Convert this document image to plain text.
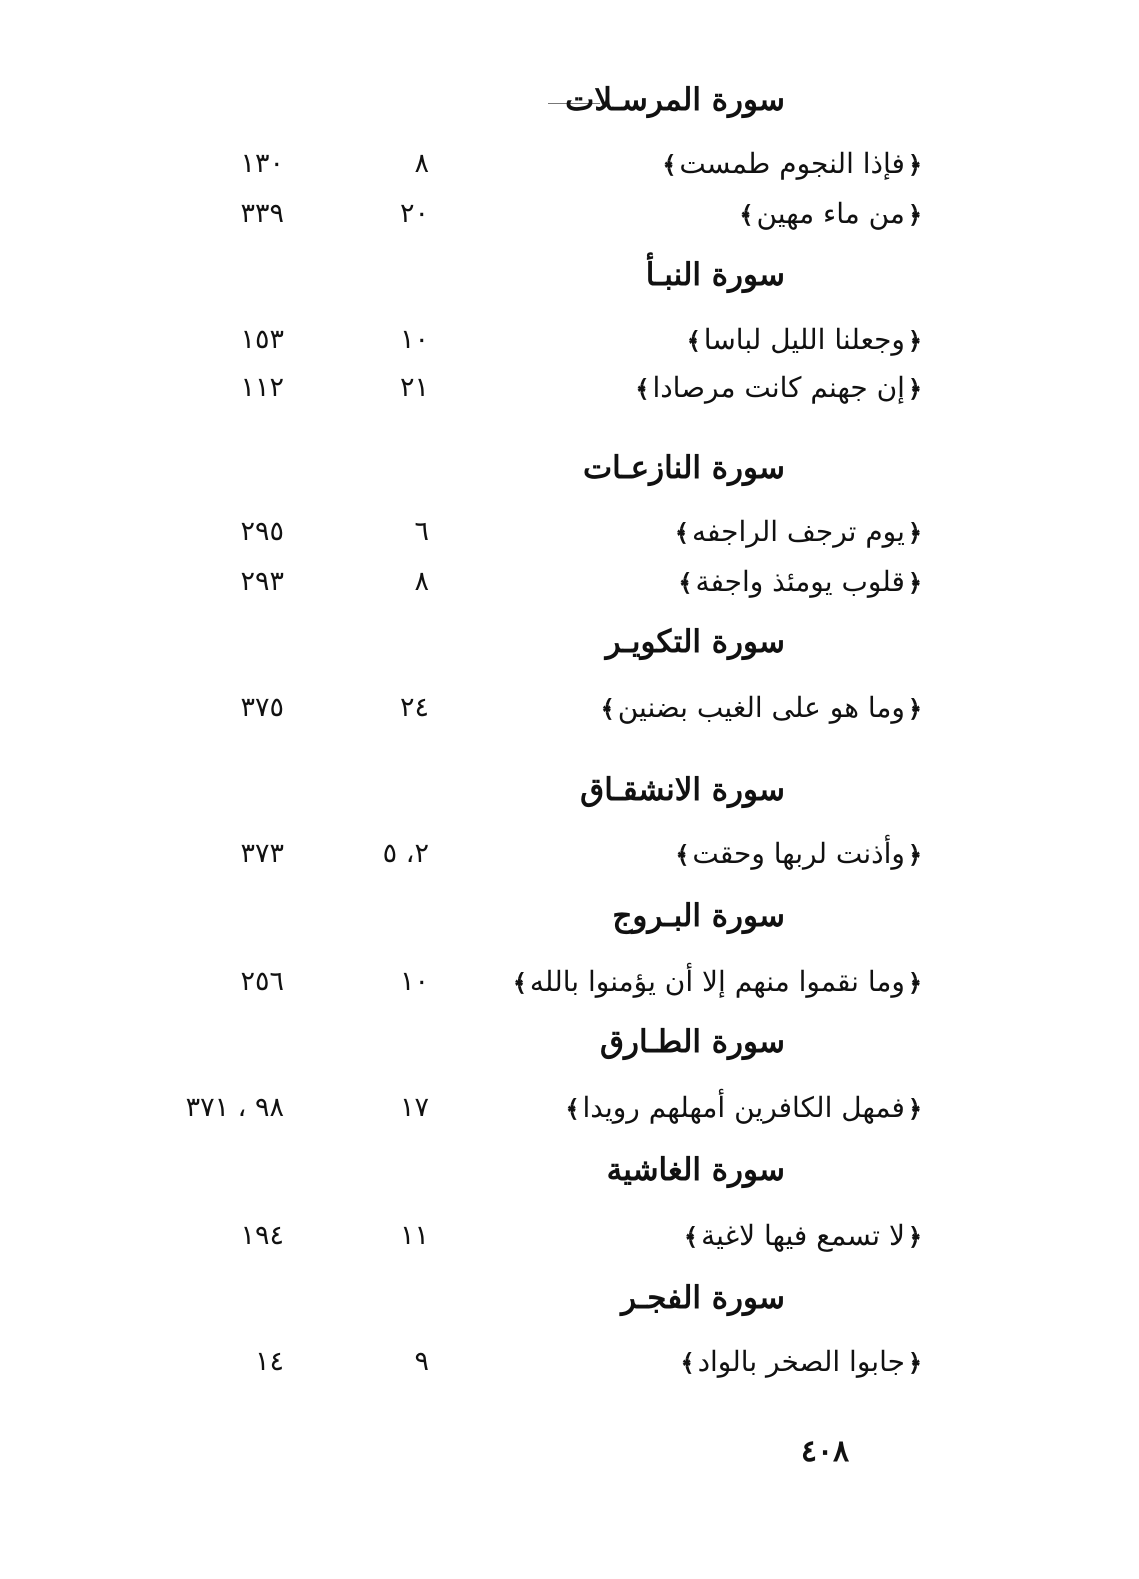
سورة المرسـلات
﴿فإذا النجوم طمست﴾
٨
١٣٠
﴿من ماء مهين﴾
٢٠
٣٣٩
سورة النبـأ
﴿وجعلنا الليل لباسا﴾
١٠
١٥٣
﴿إن جهنم كانت مرصادا﴾
٢١
١١٢
سورة النازعـات
﴿يوم ترجف الراجفه﴾
٦
٢٩٥
﴿قلوب يومئذ واجفة﴾
٨
٢٩٣
سورة التكويـر
﴿وما هو على الغيب بضنين﴾
٢٤
٣٧٥
سورة الانشقـاق
﴿وأذنت لربها وحقت﴾
٢، ٥
٣٧٣
سورة البـروج
﴿وما نقموا منهم إلا أن يؤمنوا بالله﴾
١٠
٢٥٦
سورة الطـارق
﴿فمهل الكافرين أمهلهم رويدا﴾
١٧
٩٨ ، ٣٧١
سورة الغاشية
﴿لا تسمع فيها لاغية﴾
١١
١٩٤
سورة الفجـر
﴿جابوا الصخر بالواد﴾
٩
١٤
٤٠٨
